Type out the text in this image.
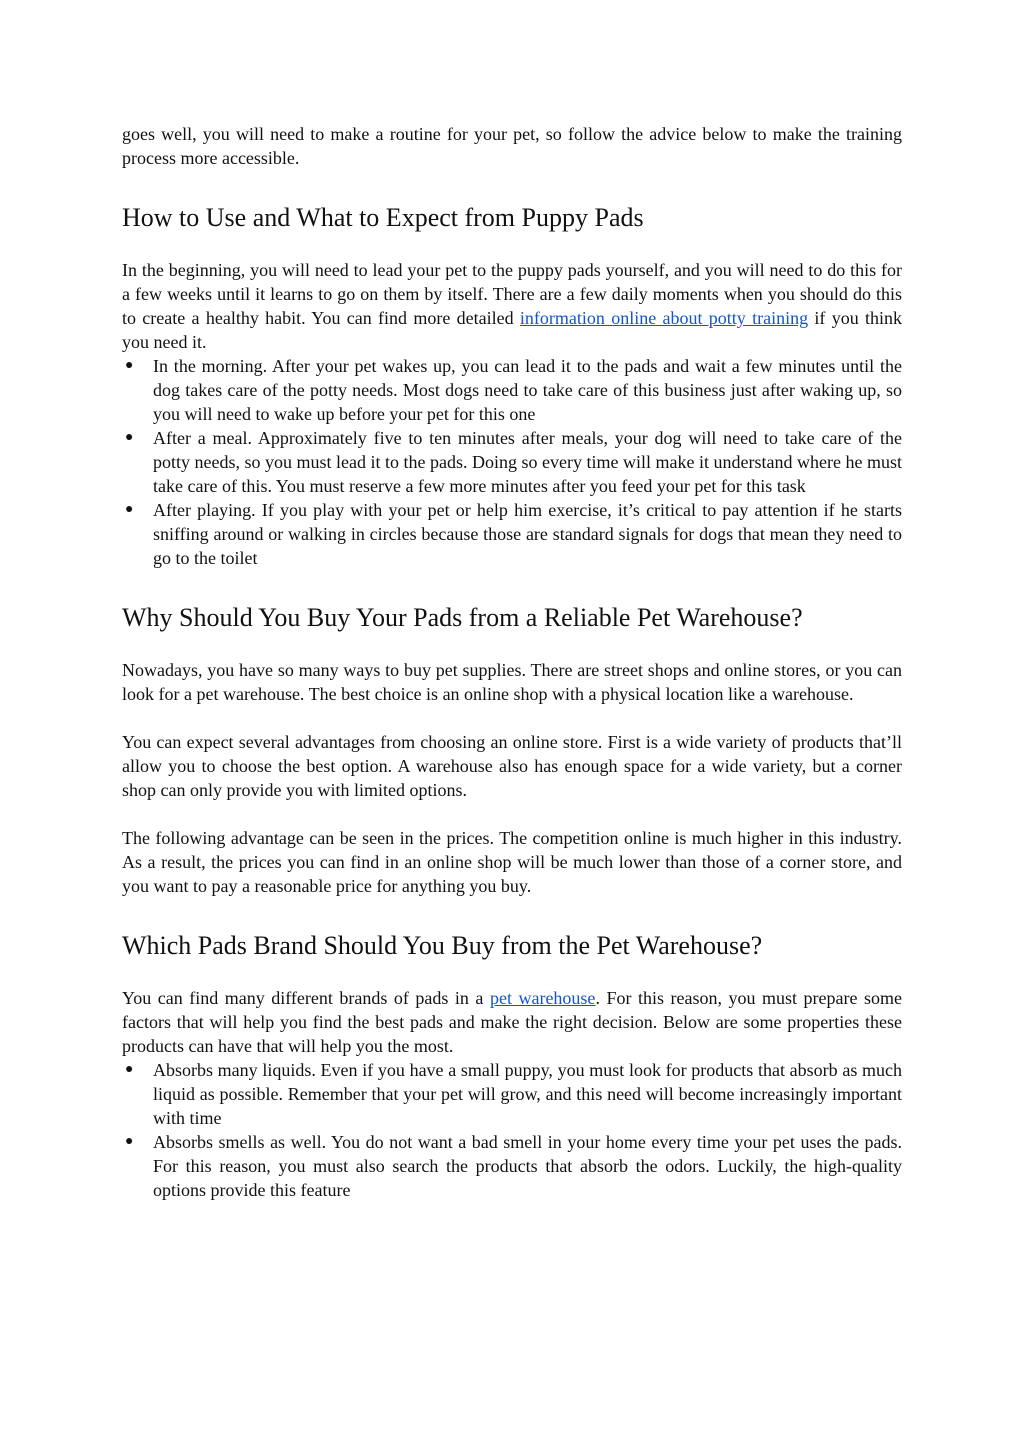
goes well, you will need to make a routine for your pet, so follow the advice below to make the training process more accessible.

How to Use and What to Expect from Puppy Pads

In the beginning, you will need to lead your pet to the puppy pads yourself, and you will need to do this for a few weeks until it learns to go on them by itself. There are a few daily moments when you should do this to create a healthy habit. You can find more detailed information online about potty training if you think you need it.

● In the morning. After your pet wakes up, you can lead it to the pads and wait a few minutes until the dog takes care of the potty needs. Most dogs need to take care of this business just after waking up, so you will need to wake up before your pet for this one
● After a meal. Approximately five to ten minutes after meals, your dog will need to take care of the potty needs, so you must lead it to the pads. Doing so every time will make it understand where he must take care of this. You must reserve a few more minutes after you feed your pet for this task
● After playing. If you play with your pet or help him exercise, it’s critical to pay attention if he starts sniffing around or walking in circles because those are standard signals for dogs that mean they need to go to the toilet
Why Should You Buy Your Pads from a Reliable Pet Warehouse?

Nowadays, you have so many ways to buy pet supplies. There are street shops and online stores, or you can look for a pet warehouse. The best choice is an online shop with a physical location like a warehouse.

You can expect several advantages from choosing an online store. First is a wide variety of products that’ll allow you to choose the best option. A warehouse also has enough space for a wide variety, but a corner shop can only provide you with limited options.

The following advantage can be seen in the prices. The competition online is much higher in this industry. As a result, the prices you can find in an online shop will be much lower than those of a corner store, and you want to pay a reasonable price for anything you buy.

Which Pads Brand Should You Buy from the Pet Warehouse?

You can find many different brands of pads in a pet warehouse. For this reason, you must prepare some factors that will help you find the best pads and make the right decision. Below are some properties these products can have that will help you the most.

● Absorbs many liquids. Even if you have a small puppy, you must look for products that absorb as much liquid as possible. Remember that your pet will grow, and this need will become increasingly important with time
● Absorbs smells as well. You do not want a bad smell in your home every time your pet uses the pads. For this reason, you must also search the products that absorb the odors. Luckily, the high-quality options provide this feature
